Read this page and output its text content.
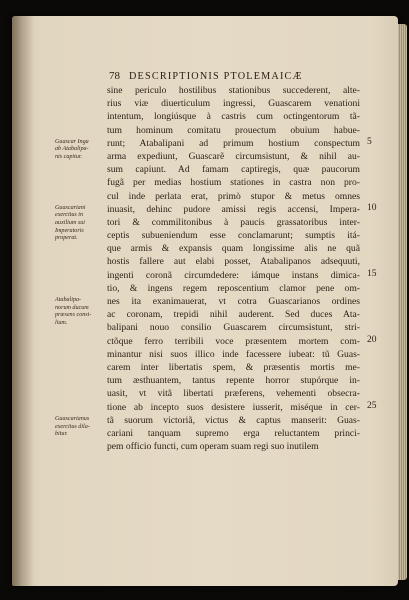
78 DESCRIPTIONIS PTOLEMAICÆ
sine periculo hostilibus stationibus succederent, alte-
rius viæ diuerticulum ingressi, Guascarem venationi
intentum, longiúsque à castris cum octingentorum tã-
tum hominum comitatu prouectum obuium habue-
runt; Atabalipani ad primum hostium conspectum
arma expediunt, Guascarẽ circumsistunt, & nihil au-
sum capiunt. Ad famam captiregis, quæ paucorum
fugã per medias hostium stationes in castra non pro-
cul inde perlata erat, primò stupor & metus omnes
inuasit, dehinc pudore amissi regis accensi, Impera-
tori & commilitonibus à paucis grassatoribus inter-
ceptis subueniendum esse conclamarunt; sumptis itá-
que armis & expansis quam longissime alis ne quã
hostis fallere aut elabi posset, Atabalipanos adsequuti,
ingenti coronã circumdedere: iámque instans dimica-
tio, & ingens regem reposcentium clamor pene om-
nes ita exanimauerat, vt cotra Guascarianos ordines
ac coronam, trepidi nihil auderent. Sed duces Ata-
balipani nouo consilio Guascarem circumsistunt, stri-
ctõque ferro terribili voce præsentem mortem com-
minantur nisi suos illico inde facessere iubeat: tũ Guas-
carem inter libertatis spem, & præsentis mortis me-
tum æsthuantem, tantus repente horror stupórque in-
uasit, vt vitã libertati præferens, vehementi obsecra-
tione ab incepto suos desistere iusserit, miséque in cer-
tã suorum victoriã, victus & captus manserit: Guas-
cariani tanquam supremo erga reluctantem princi-
pem officio functi, cum operam suam regi suo inutilem
Guascar Inga
ab Atabalipa-
nis capitur.
Guascariani
exercitus in
auxilium sui
Imperatoris
properat.
Atabalipa-
norum ducum
præsens consi-
lium.
Guascarianus
exercitus dila-
bitur.
5
10
15
20
25
